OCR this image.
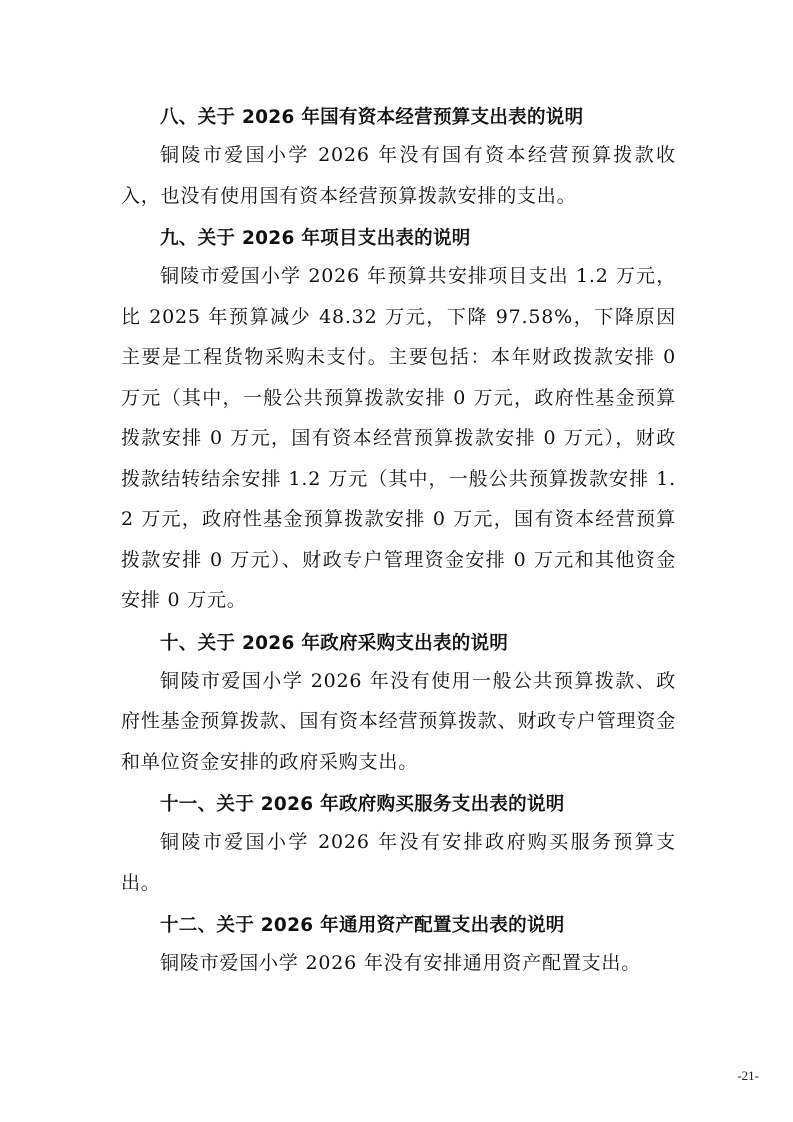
八、关于 2026 年国有资本经营预算支出表的说明

铜陵市爱国小学 2026 年没有国有资本经营预算拨款收入，也没有使用国有资本经营预算拨款安排的支出。

九、关于 2026 年项目支出表的说明

铜陵市爱国小学 2026 年预算共安排项目支出 1.2 万元，比 2025 年预算减少 48.32 万元，下降 97.58%，下降原因主要是工程货物采购未支付。主要包括：本年财政拨款安排 0 万元（其中，一般公共预算拨款安排 0 万元，政府性基金预算拨款安排 0 万元，国有资本经营预算拨款安排 0 万元），财政拨款结转结余安排 1.2 万元（其中，一般公共预算拨款安排 1.2 万元，政府性基金预算拨款安排 0 万元，国有资本经营预算拨款安排 0 万元）、财政专户管理资金安排 0 万元和其他资金安排 0 万元。

十、关于 2026 年政府采购支出表的说明

铜陵市爱国小学 2026 年没有使用一般公共预算拨款、政府性基金预算拨款、国有资本经营预算拨款、财政专户管理资金和单位资金安排的政府采购支出。

十一、关于 2026 年政府购买服务支出表的说明

铜陵市爱国小学 2026 年没有安排政府购买服务预算支出。

十二、关于 2026 年通用资产配置支出表的说明

铜陵市爱国小学 2026 年没有安排通用资产配置支出。

-21-
